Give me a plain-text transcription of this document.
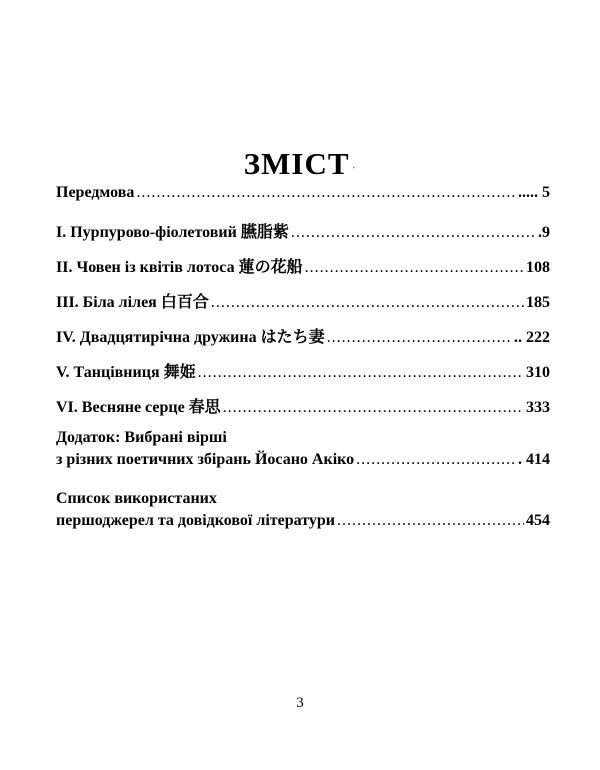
ЗМІСТ ⸱
Передмова .....	..... 5
I. Пурпурово-фіолетовий 臙脂紫 .....	.9
II. Човен із квітів лотоса 蓮の花船 .....	108
III. Біла лілея 白百合 .....	185
IV. Двадцятирічна дружина はたち妻 .....	.. 222
V. Танцівниця 舞姫 .....	310
VI. Весняне серце 春思 .....	333
Додаток: Вибрані вірші
з різних поетичних збірань Йосано Акіко .....	. 414
Список використаних
першоджерел та довідкової літератури .....	454
3
